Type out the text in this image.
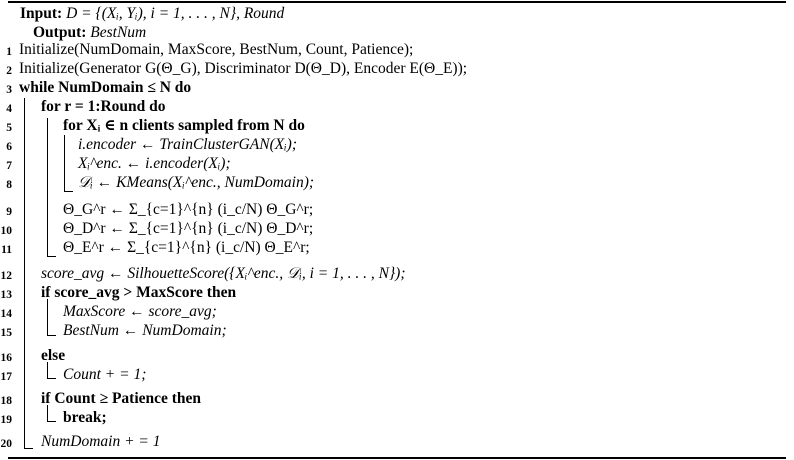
Input: D = {(Xᵢ, Yᵢ), i = 1, . . . , N}, Round
Output: BestNum
1 Initialize(NumDomain, MaxScore, BestNum, Count, Patience);
2 Initialize(Generator G(Θ_G), Discriminator D(Θ_D), Encoder E(Θ_E));
3 while NumDomain ≤ N do
4 for r = 1:Round do
5	for Xᵢ ∈ n clients sampled from N do
6	i.encoder ← TrainClusterGAN(Xᵢ);
7	Xᵢ^enc. ← i.encoder(Xᵢ);
8	𝒟ᵢ ← KMeans(Xᵢ^enc., NumDomain);
9	Θ_G^r ← Σ_{c=1}^{n} (i_c/N) Θ_G^r;
10	Θ_D^r ← Σ_{c=1}^{n} (i_c/N) Θ_D^r;
11	Θ_E^r ← Σ_{c=1}^{n} (i_c/N) Θ_E^r;
12 score_avg ← SilhouetteScore({Xᵢ^enc., 𝒟ᵢ, i = 1, . . . , N});
13 if score_avg > MaxScore then
14	MaxScore ← score_avg;
15	BestNum ← NumDomain;
16 else
17	Count + = 1;
18 if Count ≥ Patience then
19	break;
20 NumDomain + = 1
